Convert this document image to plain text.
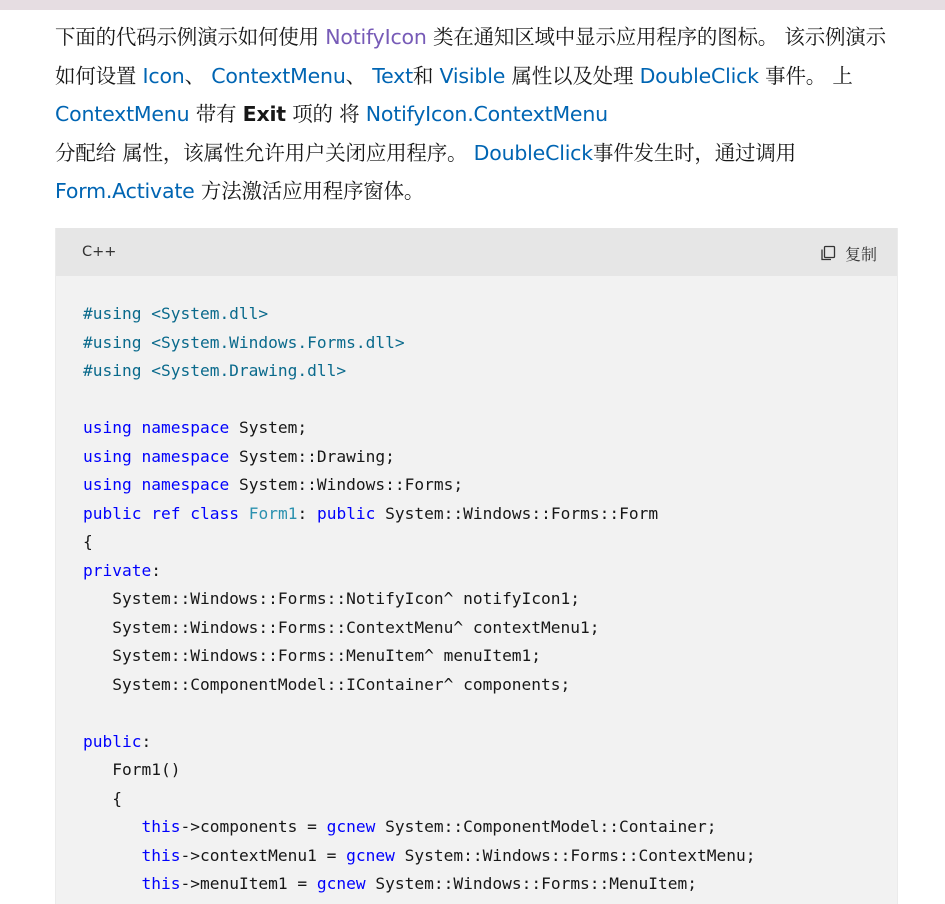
下面的代码示例演示如何使用 NotifyIcon 类在通知区域中显示应用程序的图标。 该示例演示如何设置 Icon、 ContextMenu、 Text和 Visible 属性以及处理 DoubleClick 事件。 上 ContextMenu 带有 Exit 项的 将 NotifyIcon.ContextMenu
分配给 属性，该属性允许用户关闭应用程序。 DoubleClick事件发生时，通过调用 Form.Activate 方法激活应用程序窗体。
C++	复制
#using <System.dll>
#using <System.Windows.Forms.dll>
#using <System.Drawing.dll>
using namespace System;
using namespace System::Drawing;
using namespace System::Windows::Forms;
public ref class Form1: public System::Windows::Forms::Form
{
private:
System::Windows::Forms::NotifyIcon^ notifyIcon1;
System::Windows::Forms::ContextMenu^ contextMenu1;
System::Windows::Forms::MenuItem^ menuItem1;
System::ComponentModel::IContainer^ components;
public:
Form1()
{
this->components = gcnew System::ComponentModel::Container;
this->contextMenu1 = gcnew System::Windows::Forms::ContextMenu;
this->menuItem1 = gcnew System::Windows::Forms::MenuItem;
